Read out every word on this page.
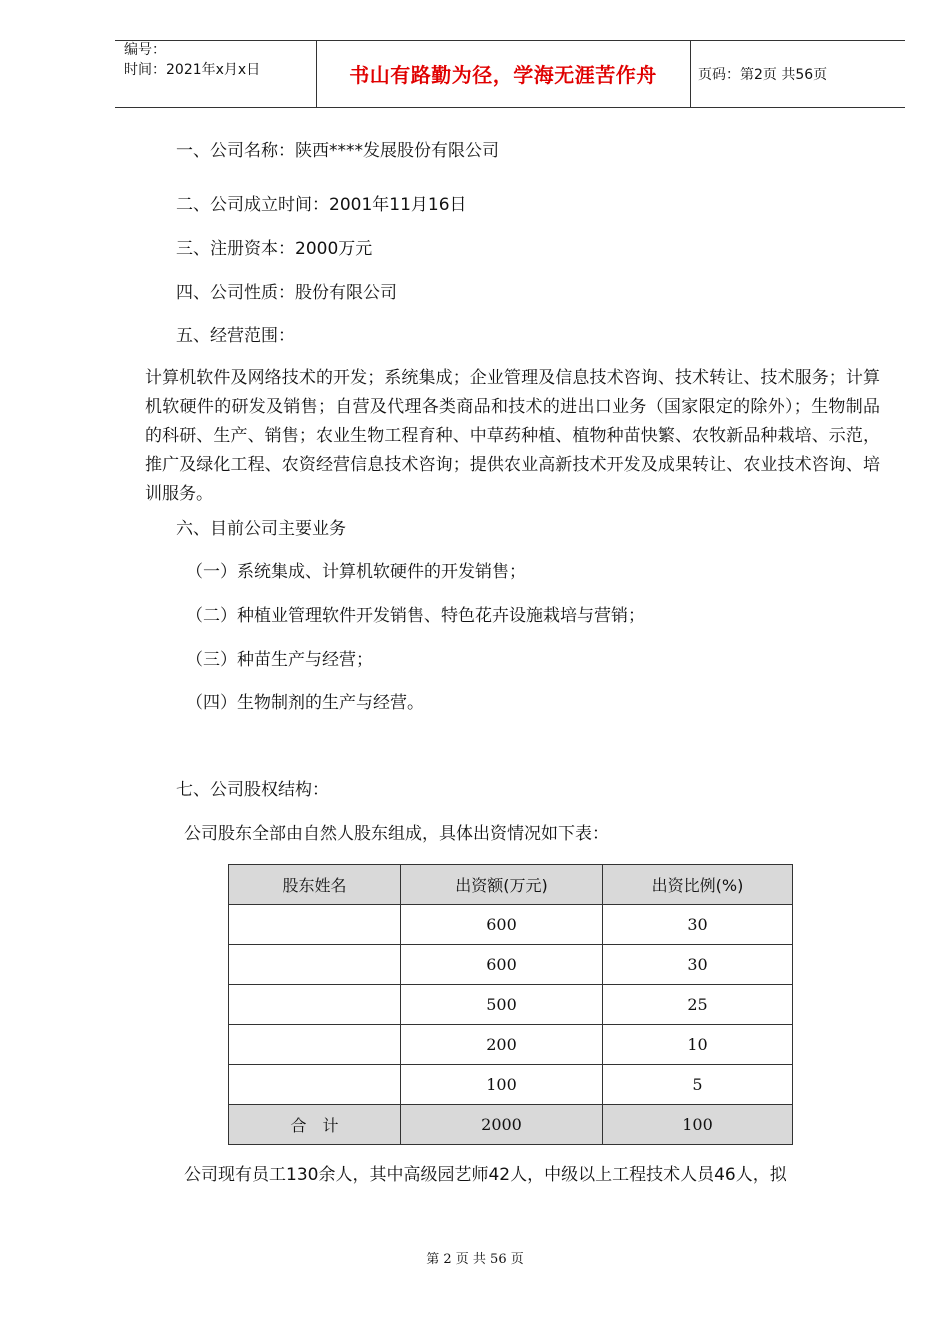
编号：
时间：2021年x月x日	书山有路勤为径，学海无涯苦作舟	页码：第2页 共56页
一、公司名称：陕西****发展股份有限公司
二、公司成立时间：2001年11月16日
三、注册资本：2000万元
四、公司性质：股份有限公司
五、经营范围：
计算机软件及网络技术的开发；系统集成；企业管理及信息技术咨询、技术转让、技术服务；计算机软硬件的研发及销售；自营及代理各类商品和技术的进出口业务（国家限定的除外）；生物制品的科研、生产、销售；农业生物工程育种、中草药种植、植物种苗快繁、农牧新品种栽培、示范，推广及绿化工程、农资经营信息技术咨询；提供农业高新技术开发及成果转让、农业技术咨询、培训服务。
六、目前公司主要业务
（一）系统集成、计算机软硬件的开发销售；
（二）种植业管理软件开发销售、特色花卉设施栽培与营销；
（三）种苗生产与经营；
（四）生物制剂的生产与经营。
七、公司股权结构：
公司股东全部由自然人股东组成，具体出资情况如下表：
股东姓名	出资额(万元)	出资比例(%)
	600	30
	600	30
	500	25
	200	10
	100	5
合　计	2000	100
公司现有员工130余人，其中高级园艺师42人，中级以上工程技术人员46人，拟
第 2 页 共 56 页
